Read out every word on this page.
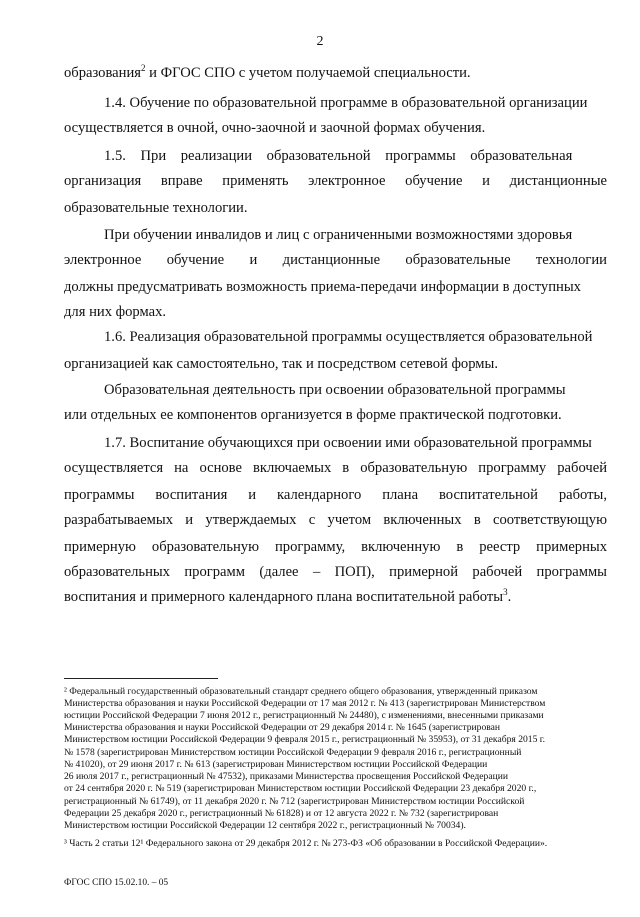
2
образования$^2$ и ФГОС СПО с учетом получаемой специальности.
1.4. Обучение по образовательной программе в образовательной организации
осуществляется в очной, очно-заочной и заочной формах обучения.
1.5. При реализации образовательной программы образовательная
организация вправе применять электронное обучение и дистанционные
образовательные технологии.
При обучении инвалидов и лиц с ограниченными возможностями здоровья
электронное обучение и дистанционные образовательные технологии
должны предусматривать возможность приема-передачи информации в доступных
для них формах.
1.6. Реализация образовательной программы осуществляется образовательной
организацией как самостоятельно, так и посредством сетевой формы.
Образовательная деятельность при освоении образовательной программы
или отдельных ее компонентов организуется в форме практической подготовки.
1.7. Воспитание обучающихся при освоении ими образовательной программы
осуществляется на основе включаемых в образовательную программу рабочей
программы воспитания и календарного плана воспитательной работы,
разрабатываемых и утверждаемых с учетом включенных в соответствующую
примерную образовательную программу, включенную в реестр примерных
образовательных программ (далее – ПОП), примерной рабочей программы
воспитания и примерного календарного плана воспитательной работы$^3$.
² Федеральный государственный образовательный стандарт среднего общего образования, утвержденный приказом
Министерства образования и науки Российской Федерации от 17 мая 2012 г. № 413 (зарегистрирован Министерством
юстиции Российской Федерации 7 июня 2012 г., регистрационный № 24480), с изменениями, внесенными приказами
Министерства образования и науки Российской Федерации от 29 декабря 2014 г. № 1645 (зарегистрирован
Министерством юстиции Российской Федерации 9 февраля 2015 г., регистрационный № 35953), от 31 декабря 2015 г.
№ 1578 (зарегистрирован Министерством юстиции Российской Федерации 9 февраля 2016 г., регистрационный
№ 41020), от 29 июня 2017 г. № 613 (зарегистрирован Министерством юстиции Российской Федерации
26 июля 2017 г., регистрационный № 47532), приказами Министерства просвещения Российской Федерации
от 24 сентября 2020 г. № 519 (зарегистрирован Министерством юстиции Российской Федерации 23 декабря 2020 г.,
регистрационный № 61749), от 11 декабря 2020 г. № 712 (зарегистрирован Министерством юстиции Российской
Федерации 25 декабря 2020 г., регистрационный № 61828) и от 12 августа 2022 г. № 732 (зарегистрирован
Министерством юстиции Российской Федерации 12 сентября 2022 г., регистрационный № 70034).
³ Часть 2 статьи 12¹ Федерального закона от 29 декабря 2012 г. № 273-ФЗ «Об образовании в Российской Федерации».
ФГОС СПО 15.02.10. – 05
